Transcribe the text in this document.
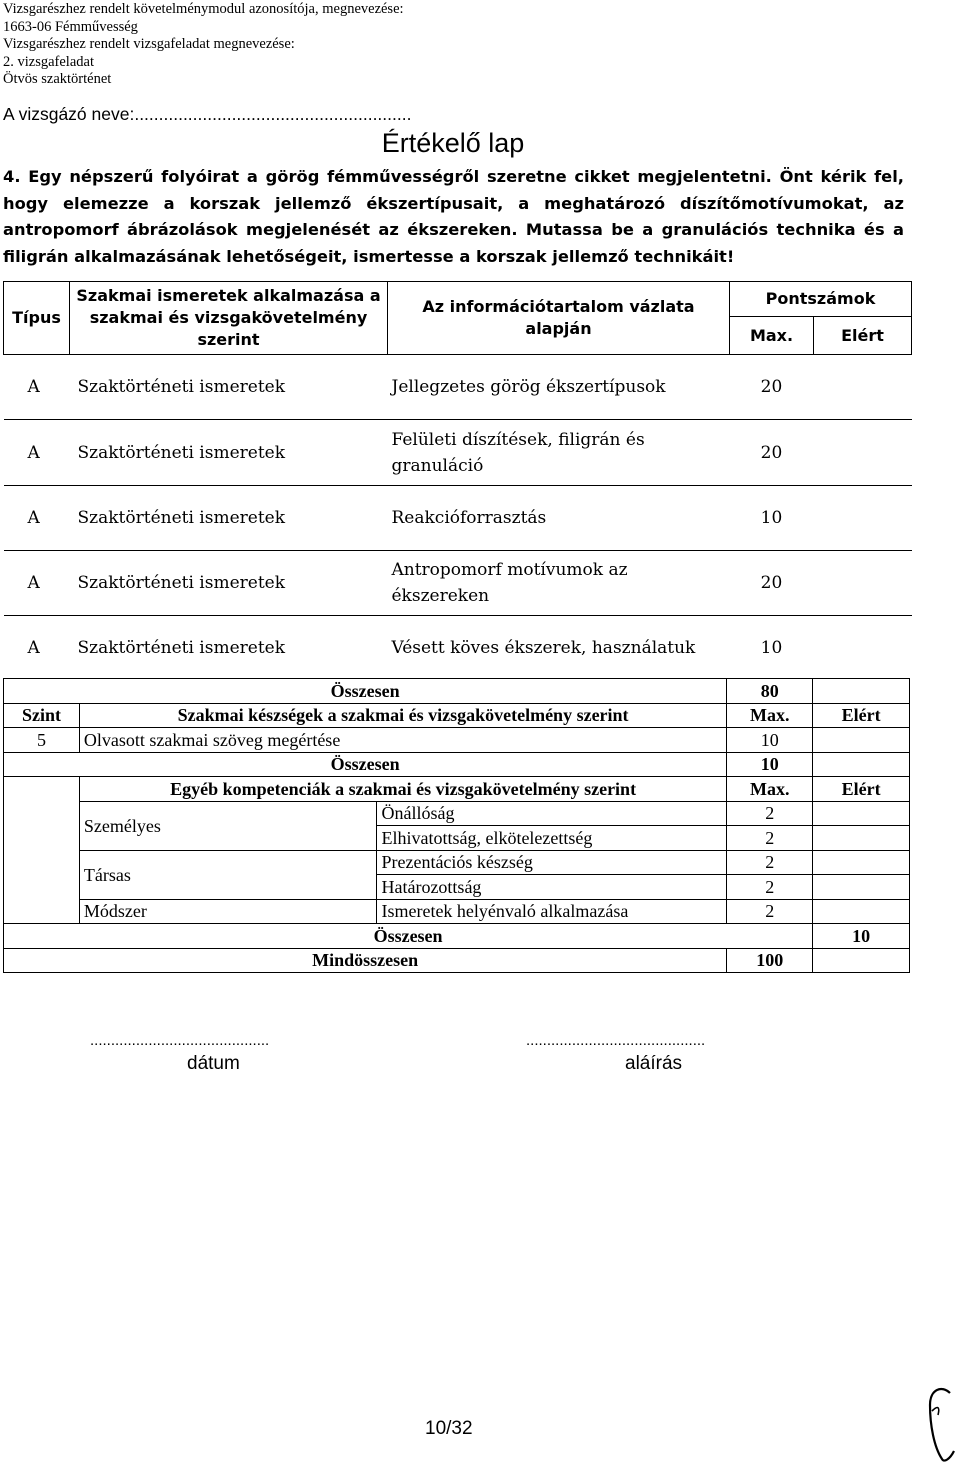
Vizsgarészhez rendelt követelménymodul azonosítója, megnevezése:
1663-06 Fémművesség
Vizsgarészhez rendelt vizsgafeladat megnevezése:
2. vizsgafeladat
Ötvös szaktörténet
A vizsgázó neve:.........................................................
Értékelő lap
4. Egy népszerű folyóirat a görög fémművességről szeretne cikket megjelentetni. Önt kérik fel, hogy elemezze a korszak jellemző ékszertípusait, a meghatározó díszítőmotívumokat, az antropomorf ábrázolások megjelenését az ékszereken. Mutassa be a granulációs technika és a filigrán alkalmazásának lehetőségeit, ismertesse a korszak jellemző technikáit!
Típus	Szakmai ismeretek alkalmazása a szakmai és vizsgakövetelmény szerint	Az információtartalom vázlata alapján	Pontszámok	
			Max.	Elért
A	Szaktörténeti ismeretek	Jellegzetes görög ékszertípusok	20	
A	Szaktörténeti ismeretek	Felületi díszítések, filigrán és granuláció	20	
A	Szaktörténeti ismeretek	Reakcióforrasztás	10	
A	Szaktörténeti ismeretek	Antropomorf motívumok az ékszereken	20	
A	Szaktörténeti ismeretek	Vésett köves ékszerek, használatuk	10	
Összesen			80	
Szint	Szakmai készségek a szakmai és vizsgakövetelmény szerint		Max.	Elért
5	Olvasott szakmai szöveg megértése		10	
Összesen			10	
	Egyéb kompetenciák a szakmai és vizsgakövetelmény szerint		Max.	Elért
	Személyes	Önállóság	2	
		Elhivatottság, elkötelezettség	2	
	Társas	Prezentációs készség	2	
		Határozottság	2	
	Módszer	Ismeretek helyénvaló alkalmazása	2	
Összesen				10
Mindösszesen			100	
...........................................
dátum
...........................................
aláírás
10/32
